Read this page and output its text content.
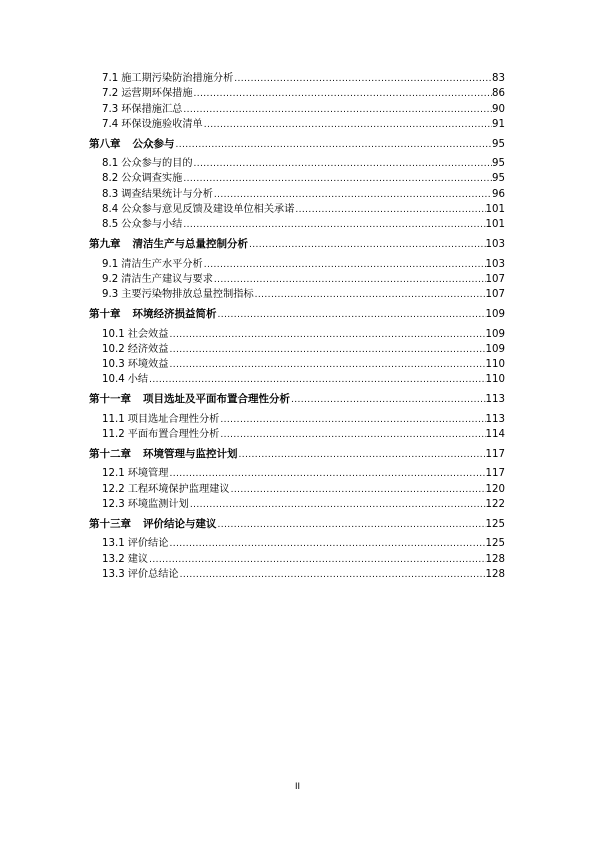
7.1 施工期污染防治措施分析 .....	83
7.2 运营期环保措施 .....	86
7.3 环保措施汇总 .....	90
7.4 环保设施验收清单 .....	91
第八章 公众参与 .....	95
8.1 公众参与的目的 .....	95
8.2 公众调查实施 .....	95
8.3 调查结果统计与分析 .....	96
8.4 公众参与意见反馈及建设单位相关承诺 .....	101
8.5 公众参与小结 .....	101
第九章 清洁生产与总量控制分析 .....	103
9.1 清洁生产水平分析 .....	103
9.2 清洁生产建议与要求 .....	107
9.3 主要污染物排放总量控制指标 .....	107
第十章 环境经济损益简析 .....	109
10.1 社会效益 .....	109
10.2 经济效益 .....	109
10.3 环境效益 .....	110
10.4 小结 .....	110
第十一章 项目选址及平面布置合理性分析 .....	113
11.1 项目选址合理性分析 .....	113
11.2 平面布置合理性分析 .....	114
第十二章 环境管理与监控计划 .....	117
12.1 环境管理 .....	117
12.2 工程环境保护监理建议 .....	120
12.3 环境监测计划 .....	122
第十三章 评价结论与建议 .....	125
13.1 评价结论 .....	125
13.2 建议 .....	128
13.3 评价总结论 .....	128
II
